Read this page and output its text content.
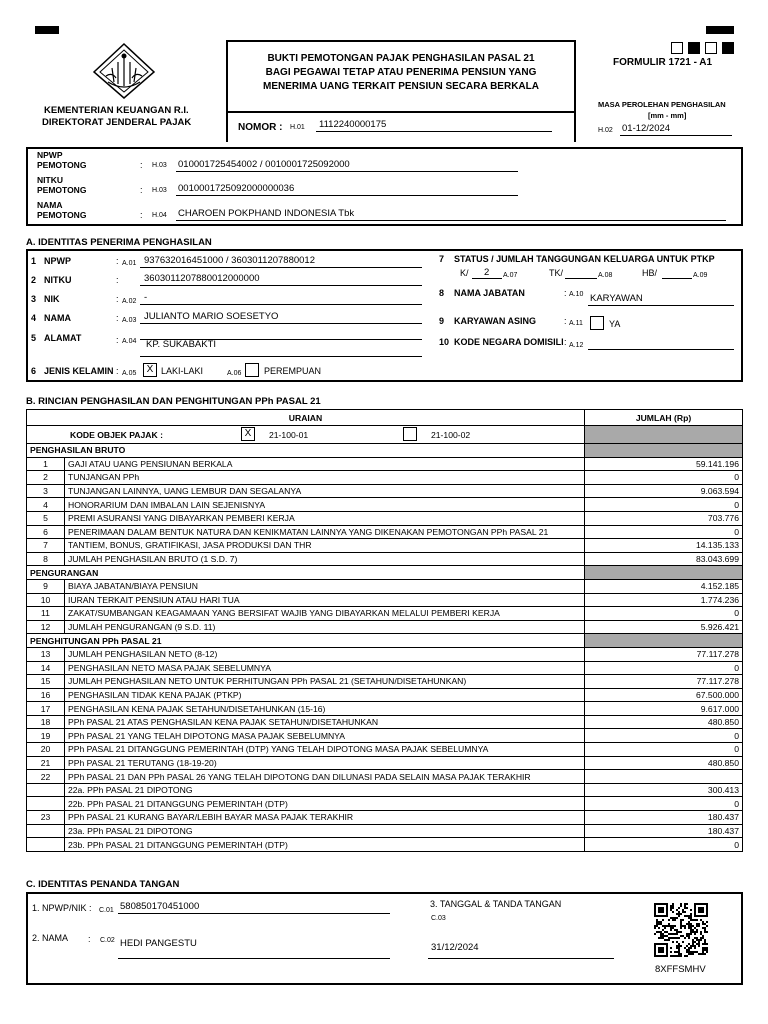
KEMENTERIAN KEUANGAN R.I.
DIREKTORAT JENDERAL PAJAK
BUKTI PEMOTONGAN PAJAK PENGHASILAN PASAL 21
BAGI PEGAWAI TETAP ATAU PENERIMA PENSIUN YANG
MENERIMA UANG TERKAIT PENSIUN SECARA BERKALA
NOMOR : H.01 1112240000175
FORMULIR 1721 - A1
MASA PEROLEHAN PENGHASILAN
[mm - mm]
H.02 01-12/2024
NPWP
PEMOTONG	: H.03 010001725454002 / 0010001725092000
NITKU
PEMOTONG	: H.03 0010001725092000000036
NAMA
PEMOTONG	: H.04 CHAROEN POKPHAND INDONESIA Tbk
A. IDENTITAS PENERIMA PENGHASILAN
1 NPWP	: A.01 937632016451000 / 3603011207880012
2 NITKU	:	3603011207880012000000
3 NIK	: A.02 -
4 NAMA	: A.03 JULIANTO MARIO SOESETYO
5 ALAMAT	: A.04 KP. SUKABAKTI
6 JENIS KELAMIN : A.05	X LAKI-LAKI	A.06	PEREMPUAN
7 STATUS / JUMLAH TANGGUNGAN KELUARGA UNTUK PTKP
K/ 2 A.07	TK/	A.08	HB/	A.09
8 NAMA JABATAN	: A.10 KARYAWAN
9 KARYAWAN ASING	: A.11	YA
10 KODE NEGARA DOMISILI : A.12
B. RINCIAN PENGHASILAN DAN PENGHITUNGAN PPh PASAL 21
URAIAN		JUMLAH (Rp)

KODE OBJEK PAJAK : X 21-100-01 21-100-02		

PENGHASILAN BRUTO		
1	GAJI ATAU UANG PENSIUNAN BERKALA	59.141.196
2	TUNJANGAN PPh	0
3	TUNJANGAN LAINNYA, UANG LEMBUR DAN SEGALANYA	9.063.594
4	HONORARIUM DAN IMBALAN LAIN SEJENISNYA	0
5	PREMI ASURANSI YANG DIBAYARKAN PEMBERI KERJA	703.776
6	PENERIMAAN DALAM BENTUK NATURA DAN KENIKMATAN LAINNYA YANG DIKENAKAN PEMOTONGAN PPh PASAL 21	0
7	TANTIEM, BONUS, GRATIFIKASI, JASA PRODUKSI DAN THR	14.135.133
8	JUMLAH PENGHASILAN BRUTO (1 S.D. 7)	83.043.699
PENGURANGAN		
9	BIAYA JABATAN/BIAYA PENSIUN	4.152.185
10	IURAN TERKAIT PENSIUN ATAU HARI TUA	1.774.236
11	ZAKAT/SUMBANGAN KEAGAMAAN YANG BERSIFAT WAJIB YANG DIBAYARKAN MELALUI PEMBERI KERJA	0
12	JUMLAH PENGURANGAN (9 S.D. 11)	5.926.421
PENGHITUNGAN PPh PASAL 21		
13	JUMLAH PENGHASILAN NETO (8-12)	77.117.278
14	PENGHASILAN NETO MASA PAJAK SEBELUMNYA	0
15	JUMLAH PENGHASILAN NETO UNTUK PERHITUNGAN PPh PASAL 21 (SETAHUN/DISETAHUNKAN)	77.117.278
16	PENGHASILAN TIDAK KENA PAJAK (PTKP)	67.500.000
17	PENGHASILAN KENA PAJAK SETAHUN/DISETAHUNKAN (15-16)	9.617.000
18	PPh PASAL 21 ATAS PENGHASILAN KENA PAJAK SETAHUN/DISETAHUNKAN	480.850
19	PPh PASAL 21 YANG TELAH DIPOTONG MASA PAJAK SEBELUMNYA	0
20	PPh PASAL 21 DITANGGUNG PEMERINTAH (DTP) YANG TELAH DIPOTONG MASA PAJAK SEBELUMNYA	0
21	PPh PASAL 21 TERUTANG (18-19-20)	480.850
22	PPh PASAL 21 DAN PPh PASAL 26 YANG TELAH DIPOTONG DAN DILUNASI PADA SELAIN MASA PAJAK TERAKHIR	
	22a. PPh PASAL 21 DIPOTONG	300.413
	22b. PPh PASAL 21 DITANGGUNG PEMERINTAH (DTP)	0
23	PPh PASAL 21 KURANG BAYAR/LEBIH BAYAR MASA PAJAK TERAKHIR	180.437
	23a. PPh PASAL 21 DIPOTONG	180.437
	23b. PPh PASAL 21 DITANGGUNG PEMERINTAH (DTP)	0
C. IDENTITAS PENANDA TANGAN
1. NPWP/NIK : C.01 580850170451000
2. NAMA : C.02 HEDI PANGESTU
3. TANGGAL & TANDA TANGAN
C.03
31/12/2024
8XFFSMHV
